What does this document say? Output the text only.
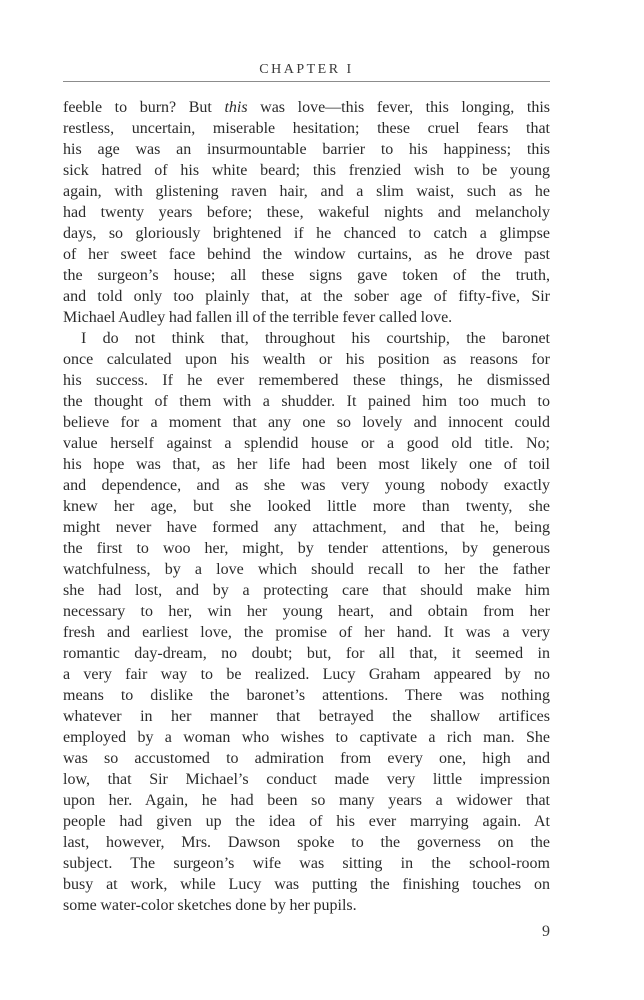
CHAPTER I
feeble to burn? But this was love—this fever, this longing, this
restless, uncertain, miserable hesitation; these cruel fears that
his age was an insurmountable barrier to his happiness; this
sick hatred of his white beard; this frenzied wish to be young
again, with glistening raven hair, and a slim waist, such as he
had twenty years before; these, wakeful nights and melancholy
days, so gloriously brightened if he chanced to catch a glimpse
of her sweet face behind the window curtains, as he drove past
the surgeon’s house; all these signs gave token of the truth,
and told only too plainly that, at the sober age of fifty-five, Sir
Michael Audley had fallen ill of the terrible fever called love.
I do not think that, throughout his courtship, the baronet
once calculated upon his wealth or his position as reasons for
his success. If he ever remembered these things, he dismissed
the thought of them with a shudder. It pained him too much to
believe for a moment that any one so lovely and innocent could
value herself against a splendid house or a good old title. No;
his hope was that, as her life had been most likely one of toil
and dependence, and as she was very young nobody exactly
knew her age, but she looked little more than twenty, she
might never have formed any attachment, and that he, being
the first to woo her, might, by tender attentions, by generous
watchfulness, by a love which should recall to her the father
she had lost, and by a protecting care that should make him
necessary to her, win her young heart, and obtain from her
fresh and earliest love, the promise of her hand. It was a very
romantic day-dream, no doubt; but, for all that, it seemed in
a very fair way to be realized. Lucy Graham appeared by no
means to dislike the baronet’s attentions. There was nothing
whatever in her manner that betrayed the shallow artifices
employed by a woman who wishes to captivate a rich man. She
was so accustomed to admiration from every one, high and
low, that Sir Michael’s conduct made very little impression
upon her. Again, he had been so many years a widower that
people had given up the idea of his ever marrying again. At
last, however, Mrs. Dawson spoke to the governess on the
subject. The surgeon’s wife was sitting in the school-room
busy at work, while Lucy was putting the finishing touches on
some water-color sketches done by her pupils.
9
